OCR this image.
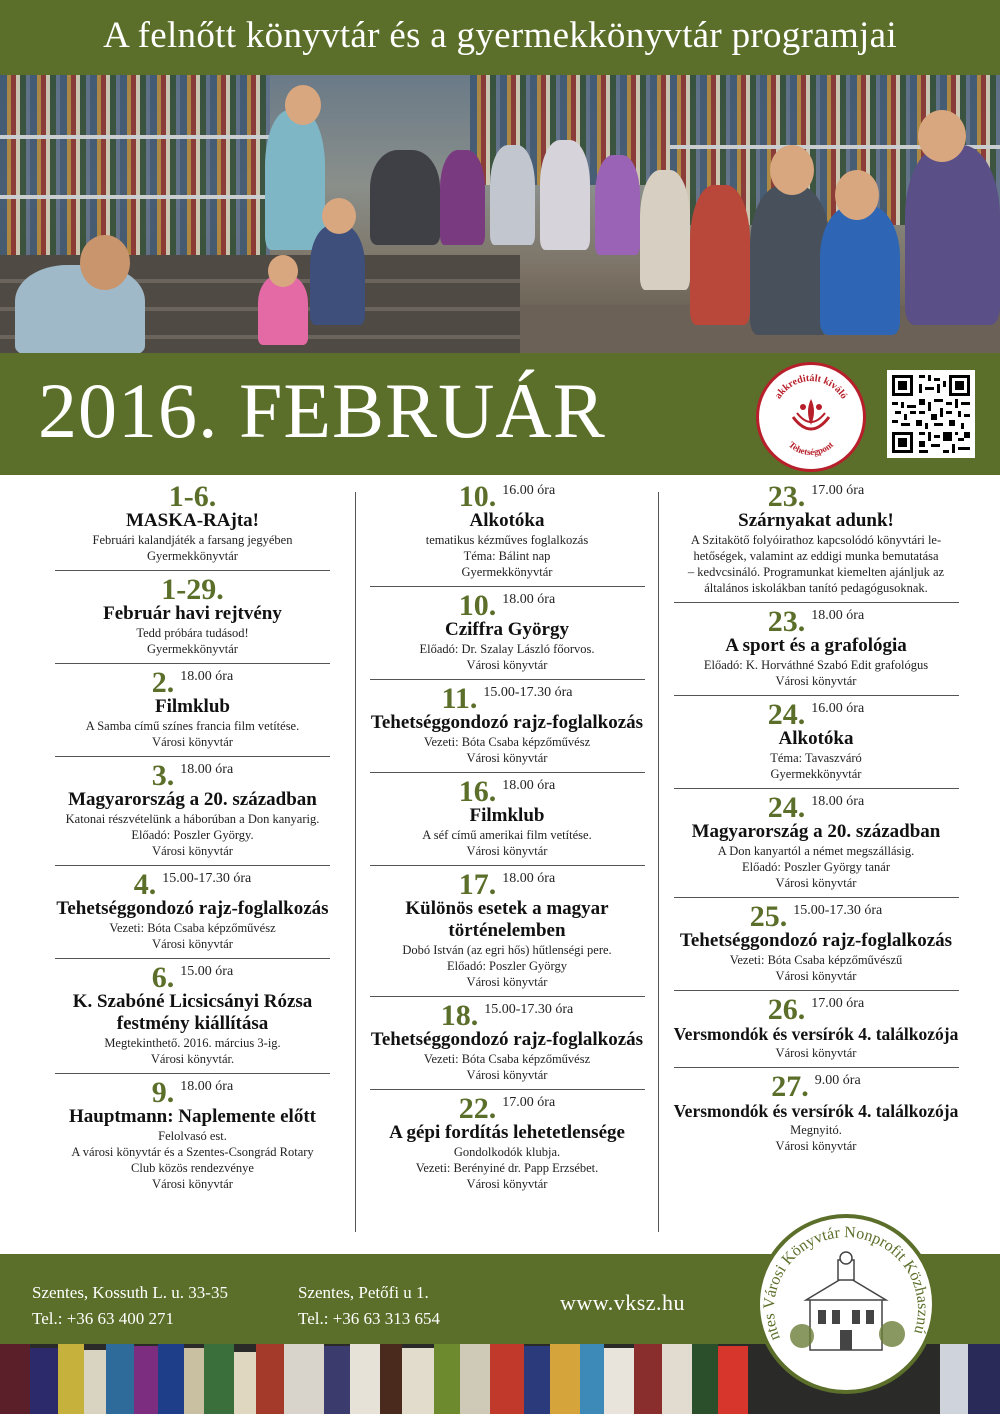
A felnőtt könyvtár és a gyermekkönyvtár programjai
2016. FEBRUÁR	akkreditált kiváló
Tehetségpont
1-6.
MASKA-RAjta!
Februári kalandjáték a farsang jegyében
Gyermekkönyvtár
1-29.
Február havi rejtvény
Tedd próbára tudásod!
Gyermekkönyvtár
2. 18.00 óra
Filmklub
A Samba című színes francia film vetítése.
Városi könyvtár
3. 18.00 óra
Magyarország a 20. században
Katonai részvételünk a háborúban a Don kanyarig.
Előadó: Poszler György.
Városi könyvtár
4. 15.00-17.30 óra
Tehetséggondozó rajz-foglalkozás
Vezeti: Bóta Csaba képzőművész
Városi könyvtár
6. 15.00 óra
K. Szabóné Licsicsányi Rózsa festmény kiállítása
Megtekinthető. 2016. március 3-ig.
Városi könyvtár.
9. 18.00 óra
Hauptmann: Naplemente előtt
Felolvasó est.
A városi könyvtár és a Szentes-Csongrád Rotary
Club közös rendezvénye
Városi könyvtár
10. 16.00 óra
Alkotóka
tematikus kézműves foglalkozás
Téma: Bálint nap
Gyermekkönyvtár
10. 18.00 óra
Cziffra György
Előadó: Dr. Szalay László főorvos.
Városi könyvtár
11. 15.00-17.30 óra
Tehetséggondozó rajz-foglalkozás
Vezeti: Bóta Csaba képzőművész
Városi könyvtár
16. 18.00 óra
Filmklub
A séf című amerikai film vetítése.
Városi könyvtár
17. 18.00 óra
Különös esetek a magyar történelemben
Dobó István (az egri hős) hűtlenségi pere.
Előadó: Poszler György
Városi könyvtár
18. 15.00-17.30 óra
Tehetséggondozó rajz-foglalkozás
Vezeti: Bóta Csaba képzőművész
Városi könyvtár
22. 17.00 óra
A gépi fordítás lehetetlensége
Gondolkodók klubja.
Vezeti: Berényiné dr. Papp Erzsébet.
Városi könyvtár
23. 17.00 óra
Szárnyakat adunk!
A Szitakötő folyóirathoz kapcsolódó könyvtári le-
hetőségek, valamint az eddigi munka bemutatása
– kedvcsináló. Programunkat kiemelten ajánljuk az
általános iskolákban tanító pedagógusoknak.
23. 18.00 óra
A sport és a grafológia
Előadó: K. Horváthné Szabó Edit grafológus
Városi könyvtár
24. 16.00 óra
Alkotóka
Téma: Tavaszváró
Gyermekkönyvtár
24. 18.00 óra
Magyarország a 20. században
A Don kanyartól a német megszállásig.
Előadó: Poszler György tanár
Városi könyvtár
25. 15.00-17.30 óra
Tehetséggondozó rajz-foglalkozás
Vezeti: Bóta Csaba képzőművészű
Városi könyvtár
26. 17.00 óra
Versmondók és versírók 4. találkozója
Városi könyvtár
27. 9.00 óra
Versmondók és versírók 4. találkozója
Megnyitó.
Városi könyvtár
Szentes, Kossuth L. u. 33-35
Tel.: +36 63 400 271
Szentes, Petőfi u 1.
Tel.: +36 63 313 654
www.vksz.hu
ntes Városi Könyvtár Nonprofit Közhasznú
